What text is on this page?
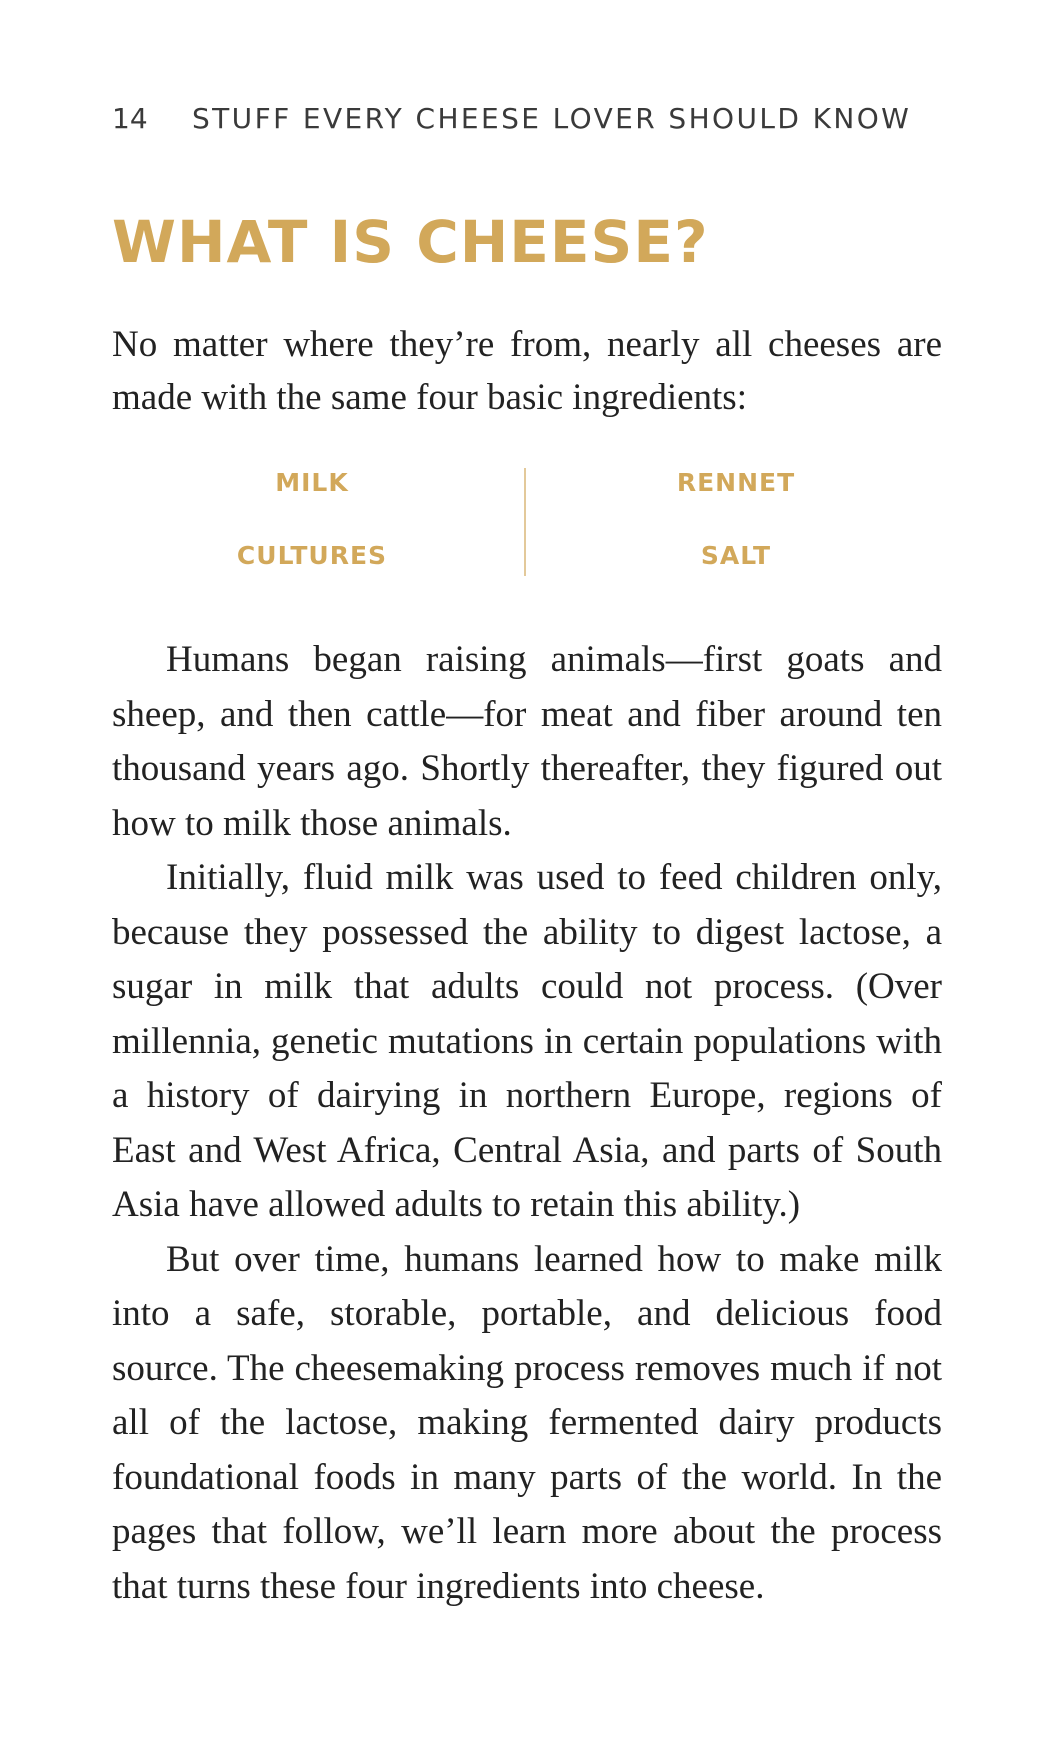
14 STUFF EVERY CHEESE LOVER SHOULD KNOW
WHAT IS CHEESE?

No matter where they’re from, nearly all cheeses are made with the same four basic ingredients:

MILK	RENNET
CULTURES	SALT

Humans began raising animals—first goats and sheep, and then cattle—for meat and fiber around ten thousand years ago. Shortly thereafter, they figured out how to milk those animals.

Initially, fluid milk was used to feed children only, because they possessed the ability to digest lactose, a sugar in milk that adults could not process. (Over millennia, genetic mutations in certain populations with a history of dairying in northern Europe, regions of East and West Africa, Central Asia, and parts of South Asia have allowed adults to retain this ability.)

But over time, humans learned how to make milk into a safe, storable, portable, and delicious food source. The cheesemaking process removes much if not all of the lactose, making fermented dairy products foundational foods in many parts of the world. In the pages that follow, we’ll learn more about the process that turns these four ingredients into cheese.
